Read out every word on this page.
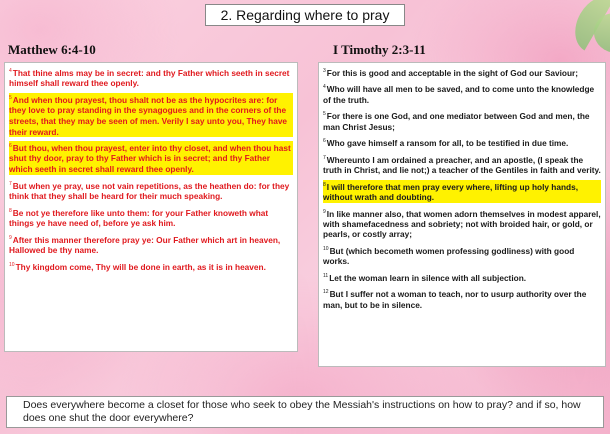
2. Regarding where to pray
Matthew 6:4-10	I Timothy 2:3-11
$^4$That thine alms may be in secret: and thy Father which seeth in secret himself shall reward thee openly.
$^5$And when thou prayest, thou shalt not be as the hypocrites are: for they love to pray standing in the synagogues and in the corners of the streets, that they may be seen of men. Verily I say unto you, They have their reward.
$^6$But thou, when thou prayest, enter into thy closet, and when thou hast shut thy door, pray to thy Father which is in secret; and thy Father which seeth in secret shall reward thee openly.
$^7$But when ye pray, use not vain repetitions, as the heathen do: for they think that they shall be heard for their much speaking.
$^8$Be not ye therefore like unto them: for your Father knoweth what things ye have need of, before ye ask him.
$^9$After this manner therefore pray ye: Our Father which art in heaven, Hallowed be thy name.
$^{10}$Thy kingdom come, Thy will be done in earth, as it is in heaven.
$^3$For this is good and acceptable in the sight of God our Saviour;
$^4$Who will have all men to be saved, and to come unto the knowledge of the truth.
$^5$For there is one God, and one mediator between God and men, the man Christ Jesus;
$^6$Who gave himself a ransom for all, to be testified in due time.
$^7$Whereunto I am ordained a preacher, and an apostle, (I speak the truth in Christ, and lie not;) a teacher of the Gentiles in faith and verity.
$^8$I will therefore that men pray every where, lifting up holy hands, without wrath and doubting.
$^9$In like manner also, that women adorn themselves in modest apparel, with shamefacedness and sobriety; not with broided hair, or gold, or pearls, or costly array;
$^{10}$But (which becometh women professing godliness) with good works.
$^{11}$Let the woman learn in silence with all subjection.
$^{12}$But I suffer not a woman to teach, nor to usurp authority over the man, but to be in silence.
Does everywhere become a closet for those who seek to obey the Messiah's instructions on how to pray? and if so, how does one shut the door everywhere?
